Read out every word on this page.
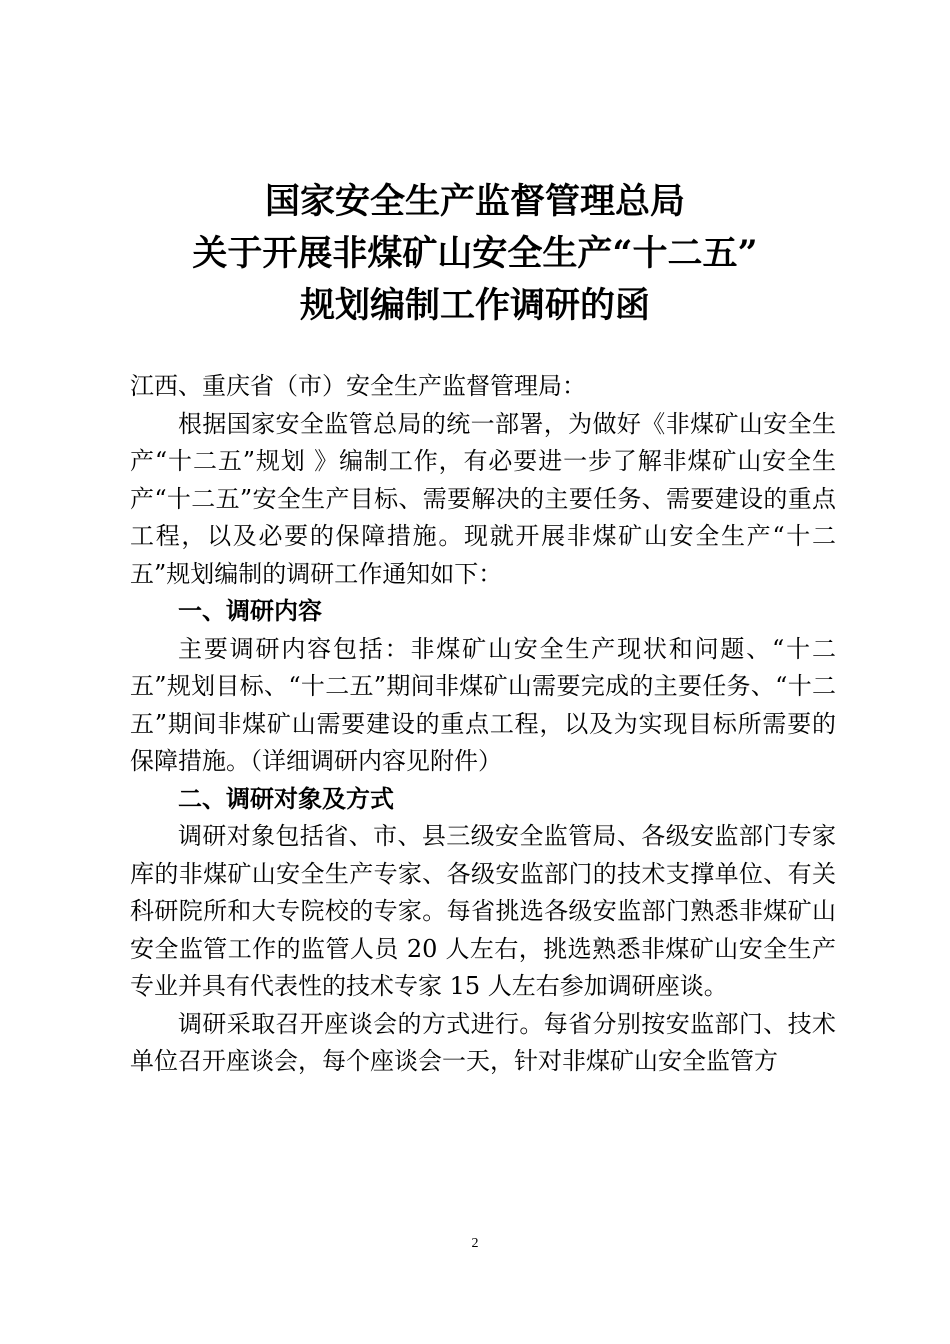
国家安全生产监督管理总局
关于开展非煤矿山安全生产“十二五”
规划编制工作调研的函

江西、重庆省（市）安全生产监督管理局：

根据国家安全监管总局的统一部署，为做好《非煤矿山安全生产“十二五”规划 》编制工作，有必要进一步了解非煤矿山安全生产“十二五”安全生产目标、需要解决的主要任务、需要建设的重点工程，以及必要的保障措施。现就开展非煤矿山安全生产“十二五”规划编制的调研工作通知如下：

一、调研内容

主要调研内容包括：非煤矿山安全生产现状和问题、“十二五”规划目标、“十二五”期间非煤矿山需要完成的主要任务、“十二五”期间非煤矿山需要建设的重点工程，以及为实现目标所需要的保障措施。（详细调研内容见附件）

二、调研对象及方式

调研对象包括省、市、县三级安全监管局、各级安监部门专家库的非煤矿山安全生产专家、各级安监部门的技术支撑单位、有关科研院所和大专院校的专家。每省挑选各级安监部门熟悉非煤矿山安全监管工作的监管人员 20 人左右，挑选熟悉非煤矿山安全生产专业并具有代表性的技术专家 15 人左右参加调研座谈。

调研采取召开座谈会的方式进行。每省分别按安监部门、技术单位召开座谈会，每个座谈会一天，针对非煤矿山安全监管方

2
